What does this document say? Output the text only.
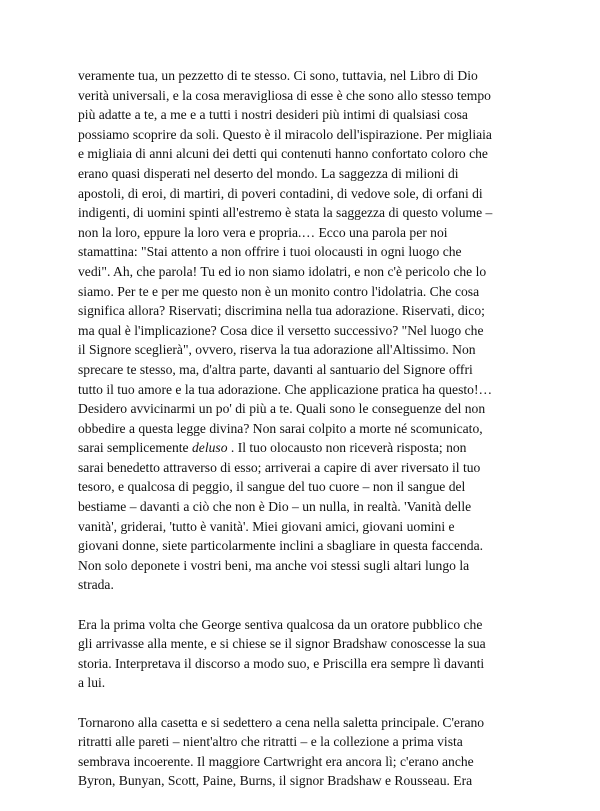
veramente tua, un pezzetto di te stesso. Ci sono, tuttavia, nel Libro di Dio
verità universali, e la cosa meravigliosa di esse è che sono allo stesso tempo
più adatte a te, a me e a tutti i nostri desideri più intimi di qualsiasi cosa
possiamo scoprire da soli. Questo è il miracolo dell'ispirazione. Per migliaia
e migliaia di anni alcuni dei detti qui contenuti hanno confortato coloro che
erano quasi disperati nel deserto del mondo. La saggezza di milioni di
apostoli, di eroi, di martiri, di poveri contadini, di vedove sole, di orfani di
indigenti, di uomini spinti all'estremo è stata la saggezza di questo volume –
non la loro, eppure la loro vera e propria.… Ecco una parola per noi
stamattina: "Stai attento a non offrire i tuoi olocausti in ogni luogo che
vedi". Ah, che parola! Tu ed io non siamo idolatri, e non c'è pericolo che lo
siamo. Per te e per me questo non è un monito contro l'idolatria. Che cosa
significa allora? Riservati; discrimina nella tua adorazione. Riservati, dico;
ma qual è l'implicazione? Cosa dice il versetto successivo? "Nel luogo che
il Signore sceglierà", ovvero, riserva la tua adorazione all'Altissimo. Non
sprecare te stesso, ma, d'altra parte, davanti al santuario del Signore offri
tutto il tuo amore e la tua adorazione. Che applicazione pratica ha questo!…
Desidero avvicinarmi un po' di più a te. Quali sono le conseguenze del non
obbedire a questa legge divina? Non sarai colpito a morte né scomunicato,
sarai semplicemente deluso . Il tuo olocausto non riceverà risposta; non
sarai benedetto attraverso di esso; arriverai a capire di aver riversato il tuo
tesoro, e qualcosa di peggio, il sangue del tuo cuore – non il sangue del
bestiame – davanti a ciò che non è Dio – un nulla, in realtà. 'Vanità delle
vanità', griderai, 'tutto è vanità'. Miei giovani amici, giovani uomini e
giovani donne, siete particolarmente inclini a sbagliare in questa faccenda.
Non solo deponete i vostri beni, ma anche voi stessi sugli altari lungo la
strada.
Era la prima volta che George sentiva qualcosa da un oratore pubblico che
gli arrivasse alla mente, e si chiese se il signor Bradshaw conoscesse la sua
storia. Interpretava il discorso a modo suo, e Priscilla era sempre lì davanti
a lui.
Tornarono alla casetta e si sedettero a cena nella saletta principale. C'erano
ritratti alle pareti – nient'altro che ritratti – e la collezione a prima vista
sembrava incoerente. Il maggiore Cartwright era ancora lì; c'erano anche
Byron, Bunyan, Scott, Paine, Burns, il signor Bradshaw e Rousseau. Era
